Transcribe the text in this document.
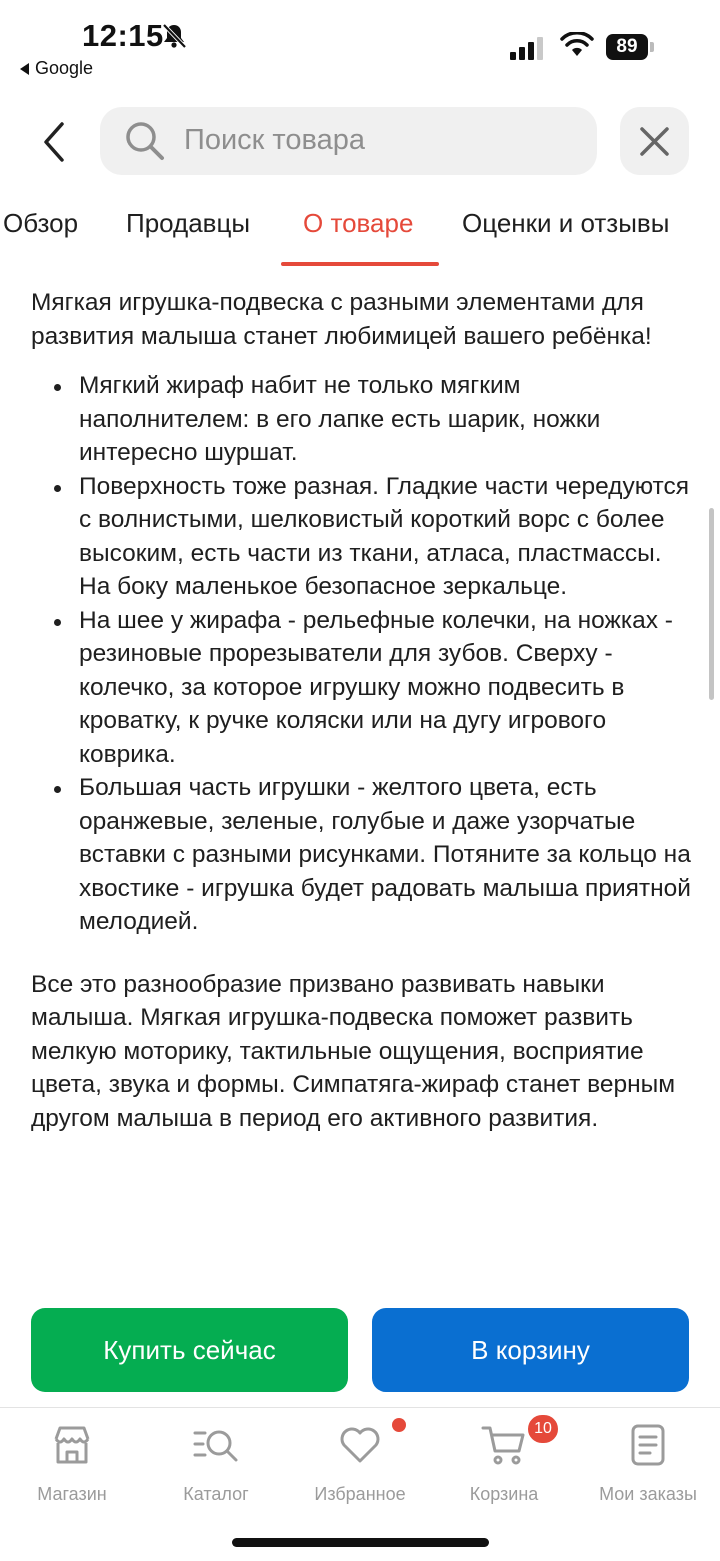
12:15
Google
89
Поиск товара
Обзор Продавцы О товаре Оценки и отзывы

Мягкая игрушка-подвеска с разными элементами для развития малыша станет любимицей вашего ребёнка!

Мягкий жираф набит не только мягким наполнителем: в его лапке есть шарик, ножки интересно шуршат.
Поверхность тоже разная. Гладкие части чередуются с волнистыми, шелковистый короткий ворс с более высоким, есть части из ткани, атласа, пластмассы. На боку маленькое безопасное зеркальце.
На шее у жирафа - рельефные колечки, на ножках - резиновые прорезыватели для зубов. Сверху - колечко, за которое игрушку можно подвесить в кроватку, к ручке коляски или на дугу игрового коврика.
Большая часть игрушки - желтого цвета, есть оранжевые, зеленые, голубые и даже узорчатые вставки с разными рисунками. Потяните за кольцо на хвостике - игрушка будет радовать малыша приятной мелодией.

Все это разнообразие призвано развивать навыки малыша. Мягкая игрушка-подвеска поможет развить мелкую моторику, тактильные ощущения, восприятие цвета, звука и формы. Симпатяга-жираф станет верным другом малыша в период его активного развития.

Купить сейчас	В корзину
Магазин	Каталог	Избранное	Корзина
10
Мои заказы
